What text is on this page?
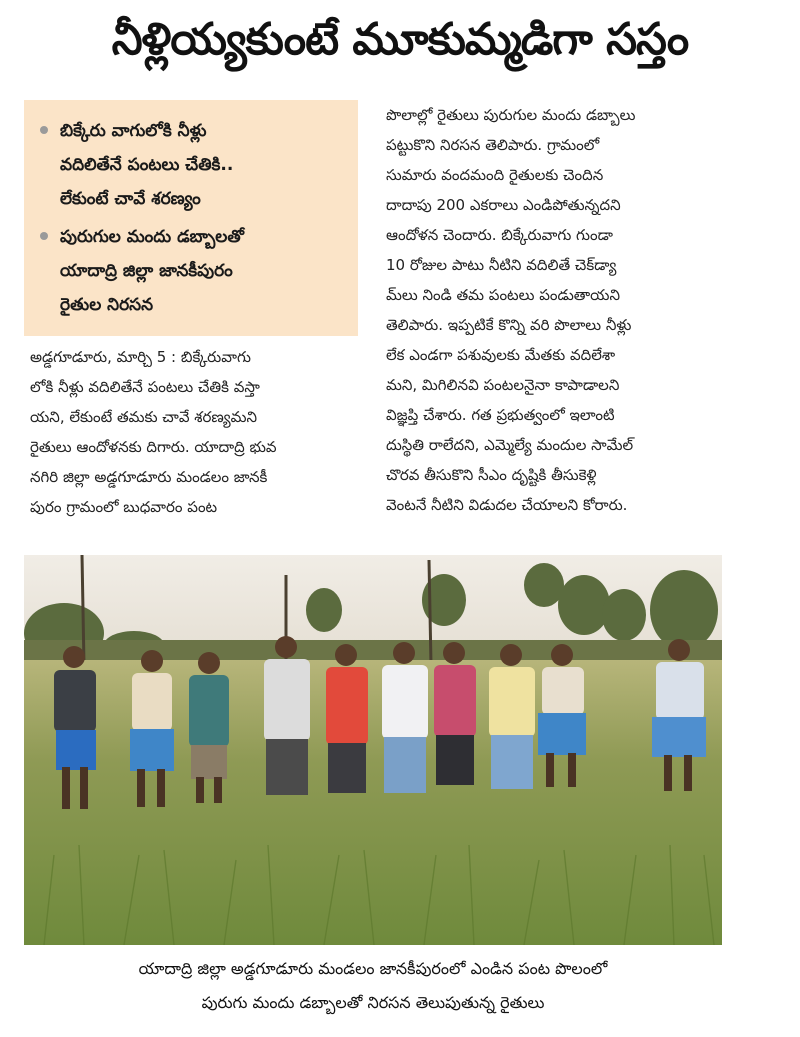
నీళ్లియ్యకుంటే మూకుమ్మడిగా సస్తం
బిక్కేరు వాగులోకి నీళ్లు
వదిలితేనే పంటలు చేతికి..
లేకుంటే చావే శరణ్యం
పురుగుల మందు డబ్బాలతో
యాదాద్రి జిల్లా జానకీపురం
రైతుల నిరసన
అడ్డగూడూరు, మార్చి 5 : బిక్కేరువాగు
లోకి నీళ్లు వదిలితేనే పంటలు చేతికి వస్తా
యని, లేకుంటే తమకు చావే శరణ్యమని
రైతులు ఆందోళనకు దిగారు. యాదాద్రి భువ
నగిరి జిల్లా అడ్డగూడూరు మండలం జానకీ
పురం గ్రామంలో బుధవారం పంట
పొలాల్లో రైతులు పురుగుల మందు డబ్బాలు
పట్టుకొని నిరసన తెలిపారు. గ్రామంలో
సుమారు వందమంది రైతులకు చెందిన
దాదాపు 200 ఎకరాలు ఎండిపోతున్నదని
ఆందోళన చెందారు. బిక్కేరువాగు గుండా
10 రోజుల పాటు నీటిని వదిలితే చెక్‌డ్యా
మ్‌లు నిండి తమ పంటలు పండుతాయని
తెలిపారు. ఇప్పటికే కొన్ని వరి పొలాలు నీళ్లు
లేక ఎండగా పశువులకు మేతకు వదిలేశా
మని, మిగిలినవి పంటలనైనా కాపాడాలని
విజ్ఞప్తి చేశారు. గత ప్రభుత్వంలో ఇలాంటి
దుస్థితి రాలేదని, ఎమ్మెల్యే మందుల సామేల్
చొరవ తీసుకొని సీఎం దృష్టికి తీసుకెళ్లి
వెంటనే నీటిని విడుదల చేయాలని కోరారు.
యాదాద్రి జిల్లా అడ్డగూడూరు మండలం జానకీపురంలో ఎండిన పంట పొలంలో
పురుగు మందు డబ్బాలతో నిరసన తెలుపుతున్న రైతులు
